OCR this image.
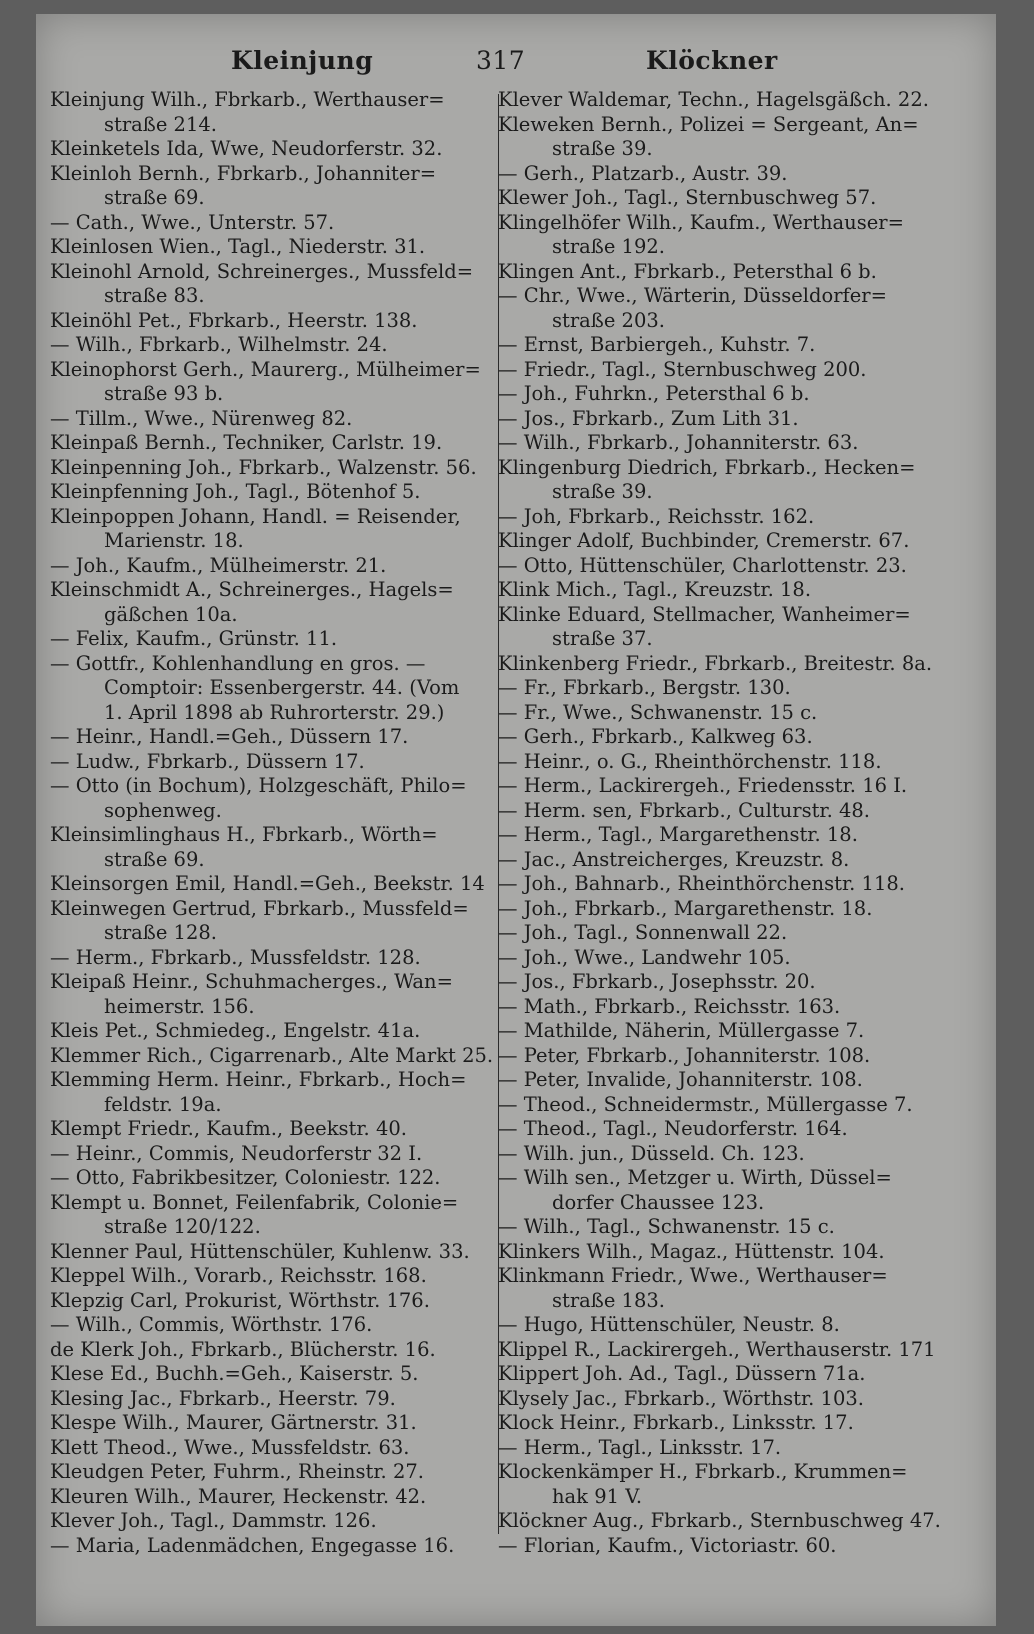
Kleinjung	317	Klöckner
Kleinjung Wilh., Fbrkarb., Werthauser=
straße 214.
Kleinketels Ida, Wwe, Neudorferstr. 32.
Kleinloh Bernh., Fbrkarb., Johanniter=
straße 69.
— Cath., Wwe., Unterstr. 57.
Kleinlosen Wien., Tagl., Niederstr. 31.
Kleinohl Arnold, Schreinerges., Mussfeld=
straße 83.
Kleinöhl Pet., Fbrkarb., Heerstr. 138.
— Wilh., Fbrkarb., Wilhelmstr. 24.
Kleinophorst Gerh., Maurerg., Mülheimer=
straße 93 b.
— Tillm., Wwe., Nürenweg 82.
Kleinpaß Bernh., Techniker, Carlstr. 19.
Kleinpenning Joh., Fbrkarb., Walzenstr. 56.
Kleinpfenning Joh., Tagl., Bötenhof 5.
Kleinpoppen Johann, Handl. = Reisender,
Marienstr. 18.
— Joh., Kaufm., Mülheimerstr. 21.
Kleinschmidt A., Schreinerges., Hagels=
gäßchen 10a.
— Felix, Kaufm., Grünstr. 11.
— Gottfr., Kohlenhandlung en gros. —
Comptoir: Essenbergerstr. 44. (Vom
1. April 1898 ab Ruhrorterstr. 29.)
— Heinr., Handl.=Geh., Düssern 17.
— Ludw., Fbrkarb., Düssern 17.
— Otto (in Bochum), Holzgeschäft, Philo=
sophenweg.
Kleinsimlinghaus H., Fbrkarb., Wörth=
straße 69.
Kleinsorgen Emil, Handl.=Geh., Beekstr. 14
Kleinwegen Gertrud, Fbrkarb., Mussfeld=
straße 128.
— Herm., Fbrkarb., Mussfeldstr. 128.
Kleipaß Heinr., Schuhmacherges., Wan=
heimerstr. 156.
Kleis Pet., Schmiedeg., Engelstr. 41a.
Klemmer Rich., Cigarrenarb., Alte Markt 25.
Klemming Herm. Heinr., Fbrkarb., Hoch=
feldstr. 19a.
Klempt Friedr., Kaufm., Beekstr. 40.
— Heinr., Commis, Neudorferstr 32 I.
— Otto, Fabrikbesitzer, Coloniestr. 122.
Klempt u. Bonnet, Feilenfabrik, Colonie=
straße 120/122.
Klenner Paul, Hüttenschüler, Kuhlenw. 33.
Kleppel Wilh., Vorarb., Reichsstr. 168.
Klepzig Carl, Prokurist, Wörthstr. 176.
— Wilh., Commis, Wörthstr. 176.
de Klerk Joh., Fbrkarb., Blücherstr. 16.
Klese Ed., Buchh.=Geh., Kaiserstr. 5.
Klesing Jac., Fbrkarb., Heerstr. 79.
Klespe Wilh., Maurer, Gärtnerstr. 31.
Klett Theod., Wwe., Mussfeldstr. 63.
Kleudgen Peter, Fuhrm., Rheinstr. 27.
Kleuren Wilh., Maurer, Heckenstr. 42.
Klever Joh., Tagl., Dammstr. 126.
— Maria, Ladenmädchen, Engegasse 16.
Klever Waldemar, Techn., Hagelsgäßch. 22.
Kleweken Bernh., Polizei = Sergeant, An=
straße 39.
— Gerh., Platzarb., Austr. 39.
Klewer Joh., Tagl., Sternbuschweg 57.
Klingelhöfer Wilh., Kaufm., Werthauser=
straße 192.
Klingen Ant., Fbrkarb., Petersthal 6 b.
— Chr., Wwe., Wärterin, Düsseldorfer=
straße 203.
— Ernst, Barbiergeh., Kuhstr. 7.
— Friedr., Tagl., Sternbuschweg 200.
— Joh., Fuhrkn., Petersthal 6 b.
— Jos., Fbrkarb., Zum Lith 31.
— Wilh., Fbrkarb., Johanniterstr. 63.
Klingenburg Diedrich, Fbrkarb., Hecken=
straße 39.
— Joh, Fbrkarb., Reichsstr. 162.
Klinger Adolf, Buchbinder, Cremerstr. 67.
— Otto, Hüttenschüler, Charlottenstr. 23.
Klink Mich., Tagl., Kreuzstr. 18.
Klinke Eduard, Stellmacher, Wanheimer=
straße 37.
Klinkenberg Friedr., Fbrkarb., Breitestr. 8a.
— Fr., Fbrkarb., Bergstr. 130.
— Fr., Wwe., Schwanenstr. 15 c.
— Gerh., Fbrkarb., Kalkweg 63.
— Heinr., o. G., Rheinthörchenstr. 118.
— Herm., Lackirergeh., Friedensstr. 16 I.
— Herm. sen, Fbrkarb., Culturstr. 48.
— Herm., Tagl., Margarethenstr. 18.
— Jac., Anstreicherges, Kreuzstr. 8.
— Joh., Bahnarb., Rheinthörchenstr. 118.
— Joh., Fbrkarb., Margarethenstr. 18.
— Joh., Tagl., Sonnenwall 22.
— Joh., Wwe., Landwehr 105.
— Jos., Fbrkarb., Josephsstr. 20.
— Math., Fbrkarb., Reichsstr. 163.
— Mathilde, Näherin, Müllergasse 7.
— Peter, Fbrkarb., Johanniterstr. 108.
— Peter, Invalide, Johanniterstr. 108.
— Theod., Schneidermstr., Müllergasse 7.
— Theod., Tagl., Neudorferstr. 164.
— Wilh. jun., Düsseld. Ch. 123.
— Wilh sen., Metzger u. Wirth, Düssel=
dorfer Chaussee 123.
— Wilh., Tagl., Schwanenstr. 15 c.
Klinkers Wilh., Magaz., Hüttenstr. 104.
Klinkmann Friedr., Wwe., Werthauser=
straße 183.
— Hugo, Hüttenschüler, Neustr. 8.
Klippel R., Lackirergeh., Werthauserstr. 171
Klippert Joh. Ad., Tagl., Düssern 71a.
Klysely Jac., Fbrkarb., Wörthstr. 103.
Klock Heinr., Fbrkarb., Linksstr. 17.
— Herm., Tagl., Linksstr. 17.
Klockenkämper H., Fbrkarb., Krummen=
hak 91 V.
Klöckner Aug., Fbrkarb., Sternbuschweg 47.
— Florian, Kaufm., Victoriastr. 60.
